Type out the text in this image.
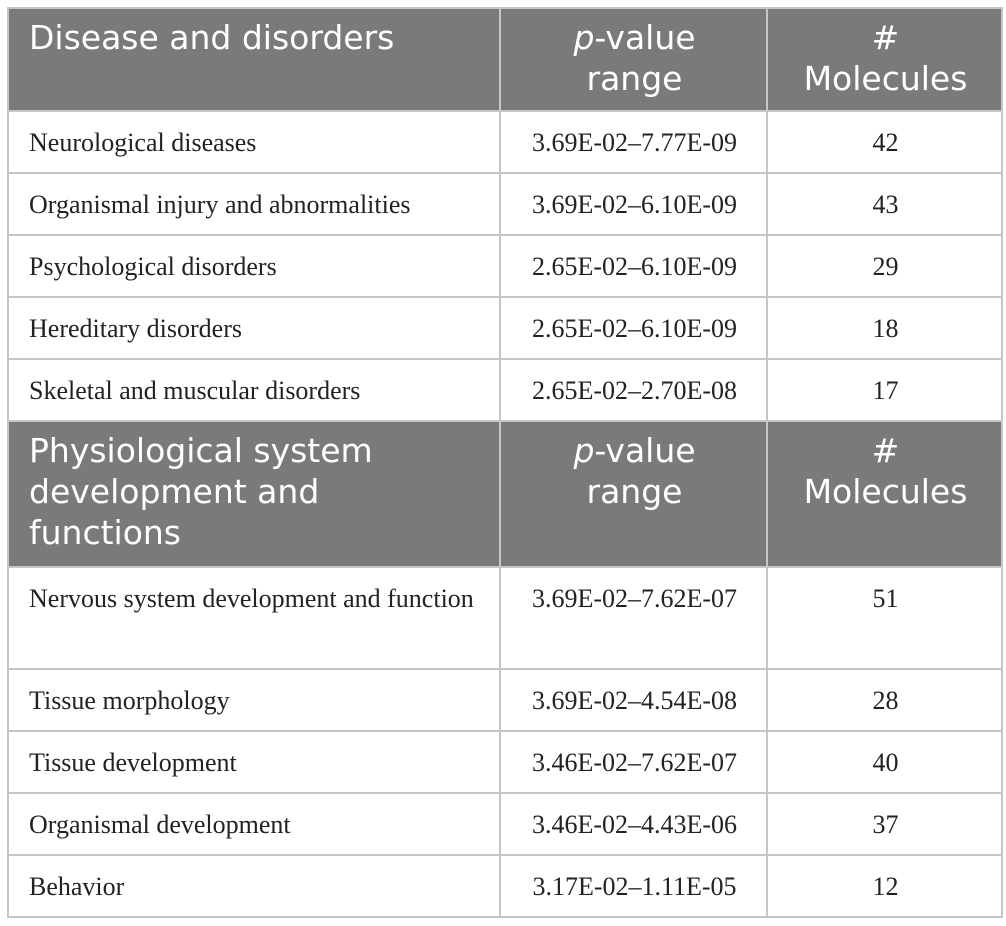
Disease and disorders	p-value range	# Molecules
Neurological diseases	3.69E-02–7.77E-09	42
Organismal injury and abnormalities	3.69E-02–6.10E-09	43
Psychological disorders	2.65E-02–6.10E-09	29
Hereditary disorders	2.65E-02–6.10E-09	18
Skeletal and muscular disorders	2.65E-02–2.70E-08	17
Physiological system development and functions	p-value range	# Molecules
Nervous system development and function	3.69E-02–7.62E-07	51
Tissue morphology	3.69E-02–4.54E-08	28
Tissue development	3.46E-02–7.62E-07	40
Organismal development	3.46E-02–4.43E-06	37
Behavior	3.17E-02–1.11E-05	12
